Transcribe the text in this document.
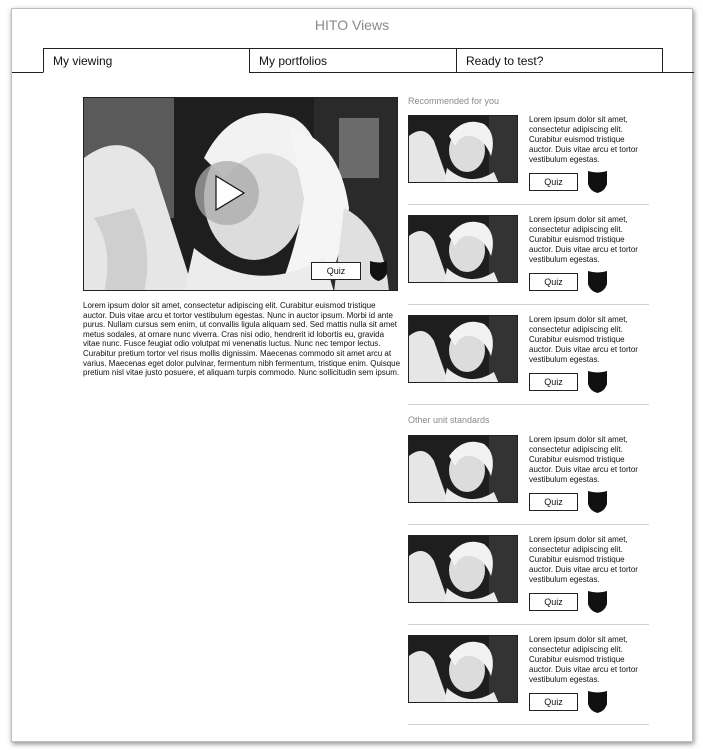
HITO Views
My viewing	My portfolios	Ready to test?
Quiz
Lorem ipsum dolor sit amet, consectetur adipiscing elit. Curabitur euismod tristique auctor. Duis vitae arcu et tortor vestibulum egestas. Nunc in auctor ipsum. Morbi id ante purus. Nullam cursus sem enim, ut convallis ligula aliquam sed. Sed mattis nulla sit amet metus sodales, at ornare nunc viverra. Cras nisi odio, hendrerit id lobortis eu, gravida vitae nunc. Fusce feugiat odio volutpat mi venenatis luctus. Nunc nec tempor lectus. Curabitur pretium tortor vel risus mollis dignissim. Maecenas commodo sit amet arcu at varius. Maecenas eget dolor pulvinar, fermentum nibh fermentum, tristique enim. Quisque pretium nisl vitae justo posuere, et aliquam turpis commodo. Nunc sollicitudin sem ipsum.
Recommended for you
Lorem ipsum dolor sit amet, consectetur adipiscing elit. Curabitur euismod tristique auctor. Duis vitae arcu et tortor vestibulum egestas.
Quiz
Lorem ipsum dolor sit amet, consectetur adipiscing elit. Curabitur euismod tristique auctor. Duis vitae arcu et tortor vestibulum egestas.
Quiz
Lorem ipsum dolor sit amet, consectetur adipiscing elit. Curabitur euismod tristique auctor. Duis vitae arcu et tortor vestibulum egestas.
Quiz
Other unit standards
Lorem ipsum dolor sit amet, consectetur adipiscing elit. Curabitur euismod tristique auctor. Duis vitae arcu et tortor vestibulum egestas.
Quiz
Lorem ipsum dolor sit amet, consectetur adipiscing elit. Curabitur euismod tristique auctor. Duis vitae arcu et tortor vestibulum egestas.
Quiz
Lorem ipsum dolor sit amet, consectetur adipiscing elit. Curabitur euismod tristique auctor. Duis vitae arcu et tortor vestibulum egestas.
Quiz
